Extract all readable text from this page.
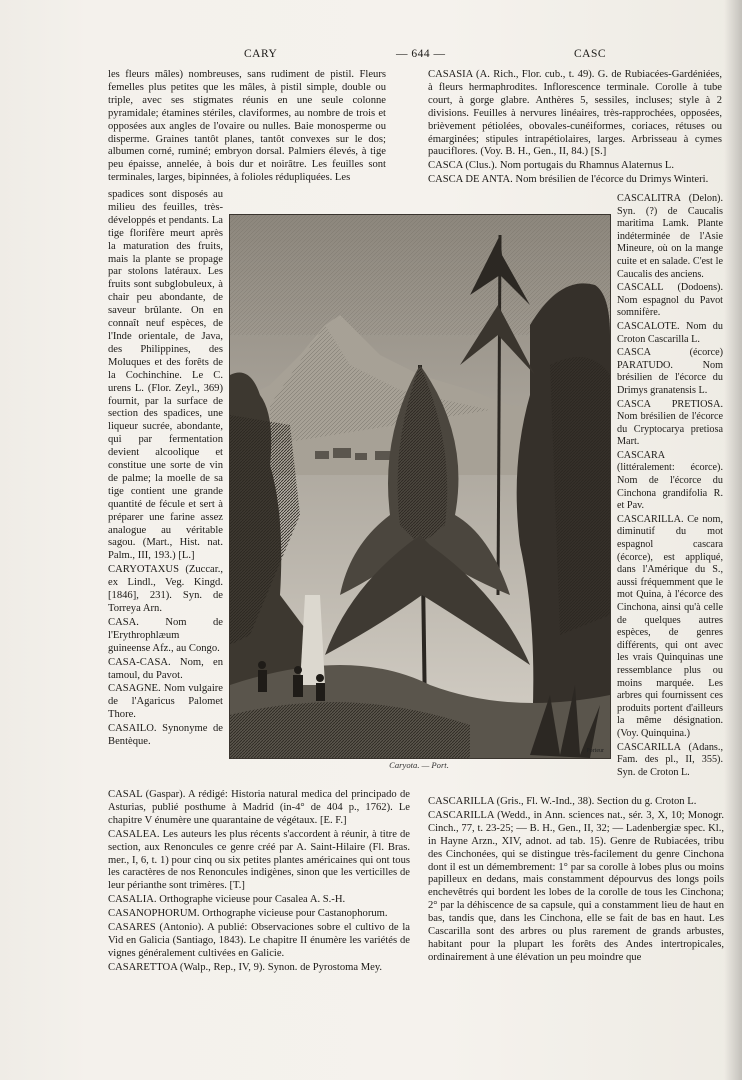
CARY	— 644 —	CASC

les fleurs mâles) nombreuses, sans rudiment de pistil. Fleurs femelles plus petites que les mâles, à pistil simple, double ou triple, avec ses stigmates réunis en une seule colonne pyramidale; étamines stériles, claviformes, au nombre de trois et opposées aux angles de l'ovaire ou nulles. Baie monosperme ou disperme. Graines tantôt planes, tantôt convexes sur le dos; albumen corné, ruminé; embryon dorsal. Palmiers élevés, à tige peu épaisse, annelée, à bois dur et noirâtre. Les feuilles sont terminales, larges, bipinnées, à folioles rédupliquées. Les

spadices sont disposés au milieu des feuilles, très-développés et pendants. La tige florifère meurt après la maturation des fruits, mais la plante se propage par stolons latéraux. Les fruits sont subglobuleux, à chair peu abondante, de saveur brûlante. On en connaît neuf espèces, de l'Inde orientale, de Java, des Philippines, des Moluques et des forêts de la Cochinchine. Le C. urens L. (Flor. Zeyl., 369) fournit, par la surface de section des spadices, une liqueur sucrée, abondante, qui par fermentation devient alcoolique et constitue une sorte de vin de palme; la moelle de sa tige contient une grande quantité de fécule et sert à préparer une farine assez analogue au véritable sagou. (Mart., Hist. nat. Palm., III, 193.) [L.]

CARYOTAXUS (Zuccar., ex Lindl., Veg. Kingd. [1846], 231). Syn. de Torreya Arn.

CASA. Nom de l'Erythrophlæum guineense Afz., au Congo.

CASA-CASA. Nom, en tamoul, du Pavot.

CASAGNE. Nom vulgaire de l'Agaricus Palomet Thore.

CASAILO. Synonyme de Bentèque.

CASAL (Gaspar). A rédigé: Historia natural medica del principado de Asturias, publié posthume à Madrid (in-4° de 404 p., 1762). Le chapitre V énumère une quarantaine de végétaux. [E. F.]

CASALEA. Les auteurs les plus récents s'accordent à réunir, à titre de section, aux Renoncules ce genre créé par A. Saint-Hilaire (Fl. Bras. mer., I, 6, t. 1) pour cinq ou six petites plantes américaines qui ont tous les caractères de nos Renoncules indigènes, sinon que les verticilles de leur périanthe sont trimères. [T.]

CASALIA. Orthographe vicieuse pour Casalea A. S.-H.

CASANOPHORUM. Orthographe vicieuse pour Castanophorum.

CASARES (Antonio). A publié: Observaciones sobre el cultivo de la Vid en Galicia (Santiago, 1843). Le chapitre II énumère les variétés de vignes généralement cultivées en Galicie.

CASARETTOA (Walp., Rep., IV, 9). Synon. de Pyrostoma Mey.

CASASIA (A. Rich., Flor. cub., t. 49). G. de Rubiacées-Gardéniées, à fleurs hermaphrodites. Inflorescence terminale. Corolle à tube court, à gorge glabre. Anthères 5, sessiles, incluses; style à 2 divisions. Feuilles à nervures linéaires, très-rapprochées, opposées, brièvement pétiolées, obovales-cunéiformes, coriaces, rétuses ou émarginées; stipules intrapétiolaires, larges. Arbrisseau à cymes pauciflores. (Voy. B. H., Gen., II, 84.) [S.]

CASCA (Clus.). Nom portugais du Rhamnus Alaternus L.

CASCA DE ANTA. Nom brésilien de l'écorce du Drimys Winteri.

CASCALITRA (Delon). Syn. (?) de Caucalis maritima Lamk. Plante indéterminée de l'Asie Mineure, où on la mange cuite et en salade. C'est le Caucalis des anciens.

CASCALL (Dodoens). Nom espagnol du Pavot somnifère.

CASCALOTE. Nom du Croton Cascarilla L.

CASCA (écorce) PARATUDO. Nom brésilien de l'écorce du Drimys granatensis L.

CASCA PRETIOSA. Nom brésilien de l'écorce du Cryptocarya pretiosa Mart.

CASCARA (littéralement: écorce). Nom de l'écorce du Cinchona grandifolia R. et Pav.

CASCARILLA. Ce nom, diminutif du mot espagnol cascara (écorce), est appliqué, dans l'Amérique du S., aussi fréquemment que le mot Quina, à l'écorce des Cinchona, ainsi qu'à celle de quelques autres espèces, de genres différents, qui ont avec les vrais Quinquinas une ressemblance plus ou moins marquée. Les arbres qui fournissent ces produits portent d'ailleurs la même désignation. (Voy. Quinquina.)

CASCARILLA (Adans., Fam. des pl., II, 355). Syn. de Croton L.

CASCARILLA (Gris., Fl. W.-Ind., 38). Section du g. Croton L.

CASCARILLA (Wedd., in Ann. sciences nat., sér. 3, X, 10; Monogr. Cinch., 77, t. 23-25; — B. H., Gen., II, 32; — Ladenbergiæ spec. Kl., in Hayne Arzn., XIV, adnot. ad tab. 15). Genre de Rubiacées, tribu des Cinchonées, qui se distingue très-facilement du genre Cinchona dont il est un démembrement: 1° par sa corolle à lobes plus ou moins papilleux en dedans, mais constamment dépourvus des longs poils enchevêtrés qui bordent les lobes de la corolle de tous les Cinchona; 2° par la déhiscence de sa capsule, qui a constamment lieu de haut en bas, tandis que, dans les Cinchona, elle se fait de bas en haut. Les Cascarilla sont des arbres ou plus rarement de grands arbustes, habitant pour la plupart les forêts des Andes intertropicales, ordinairement à une élévation un peu moindre que

Porteur
Caryota. — Port.
